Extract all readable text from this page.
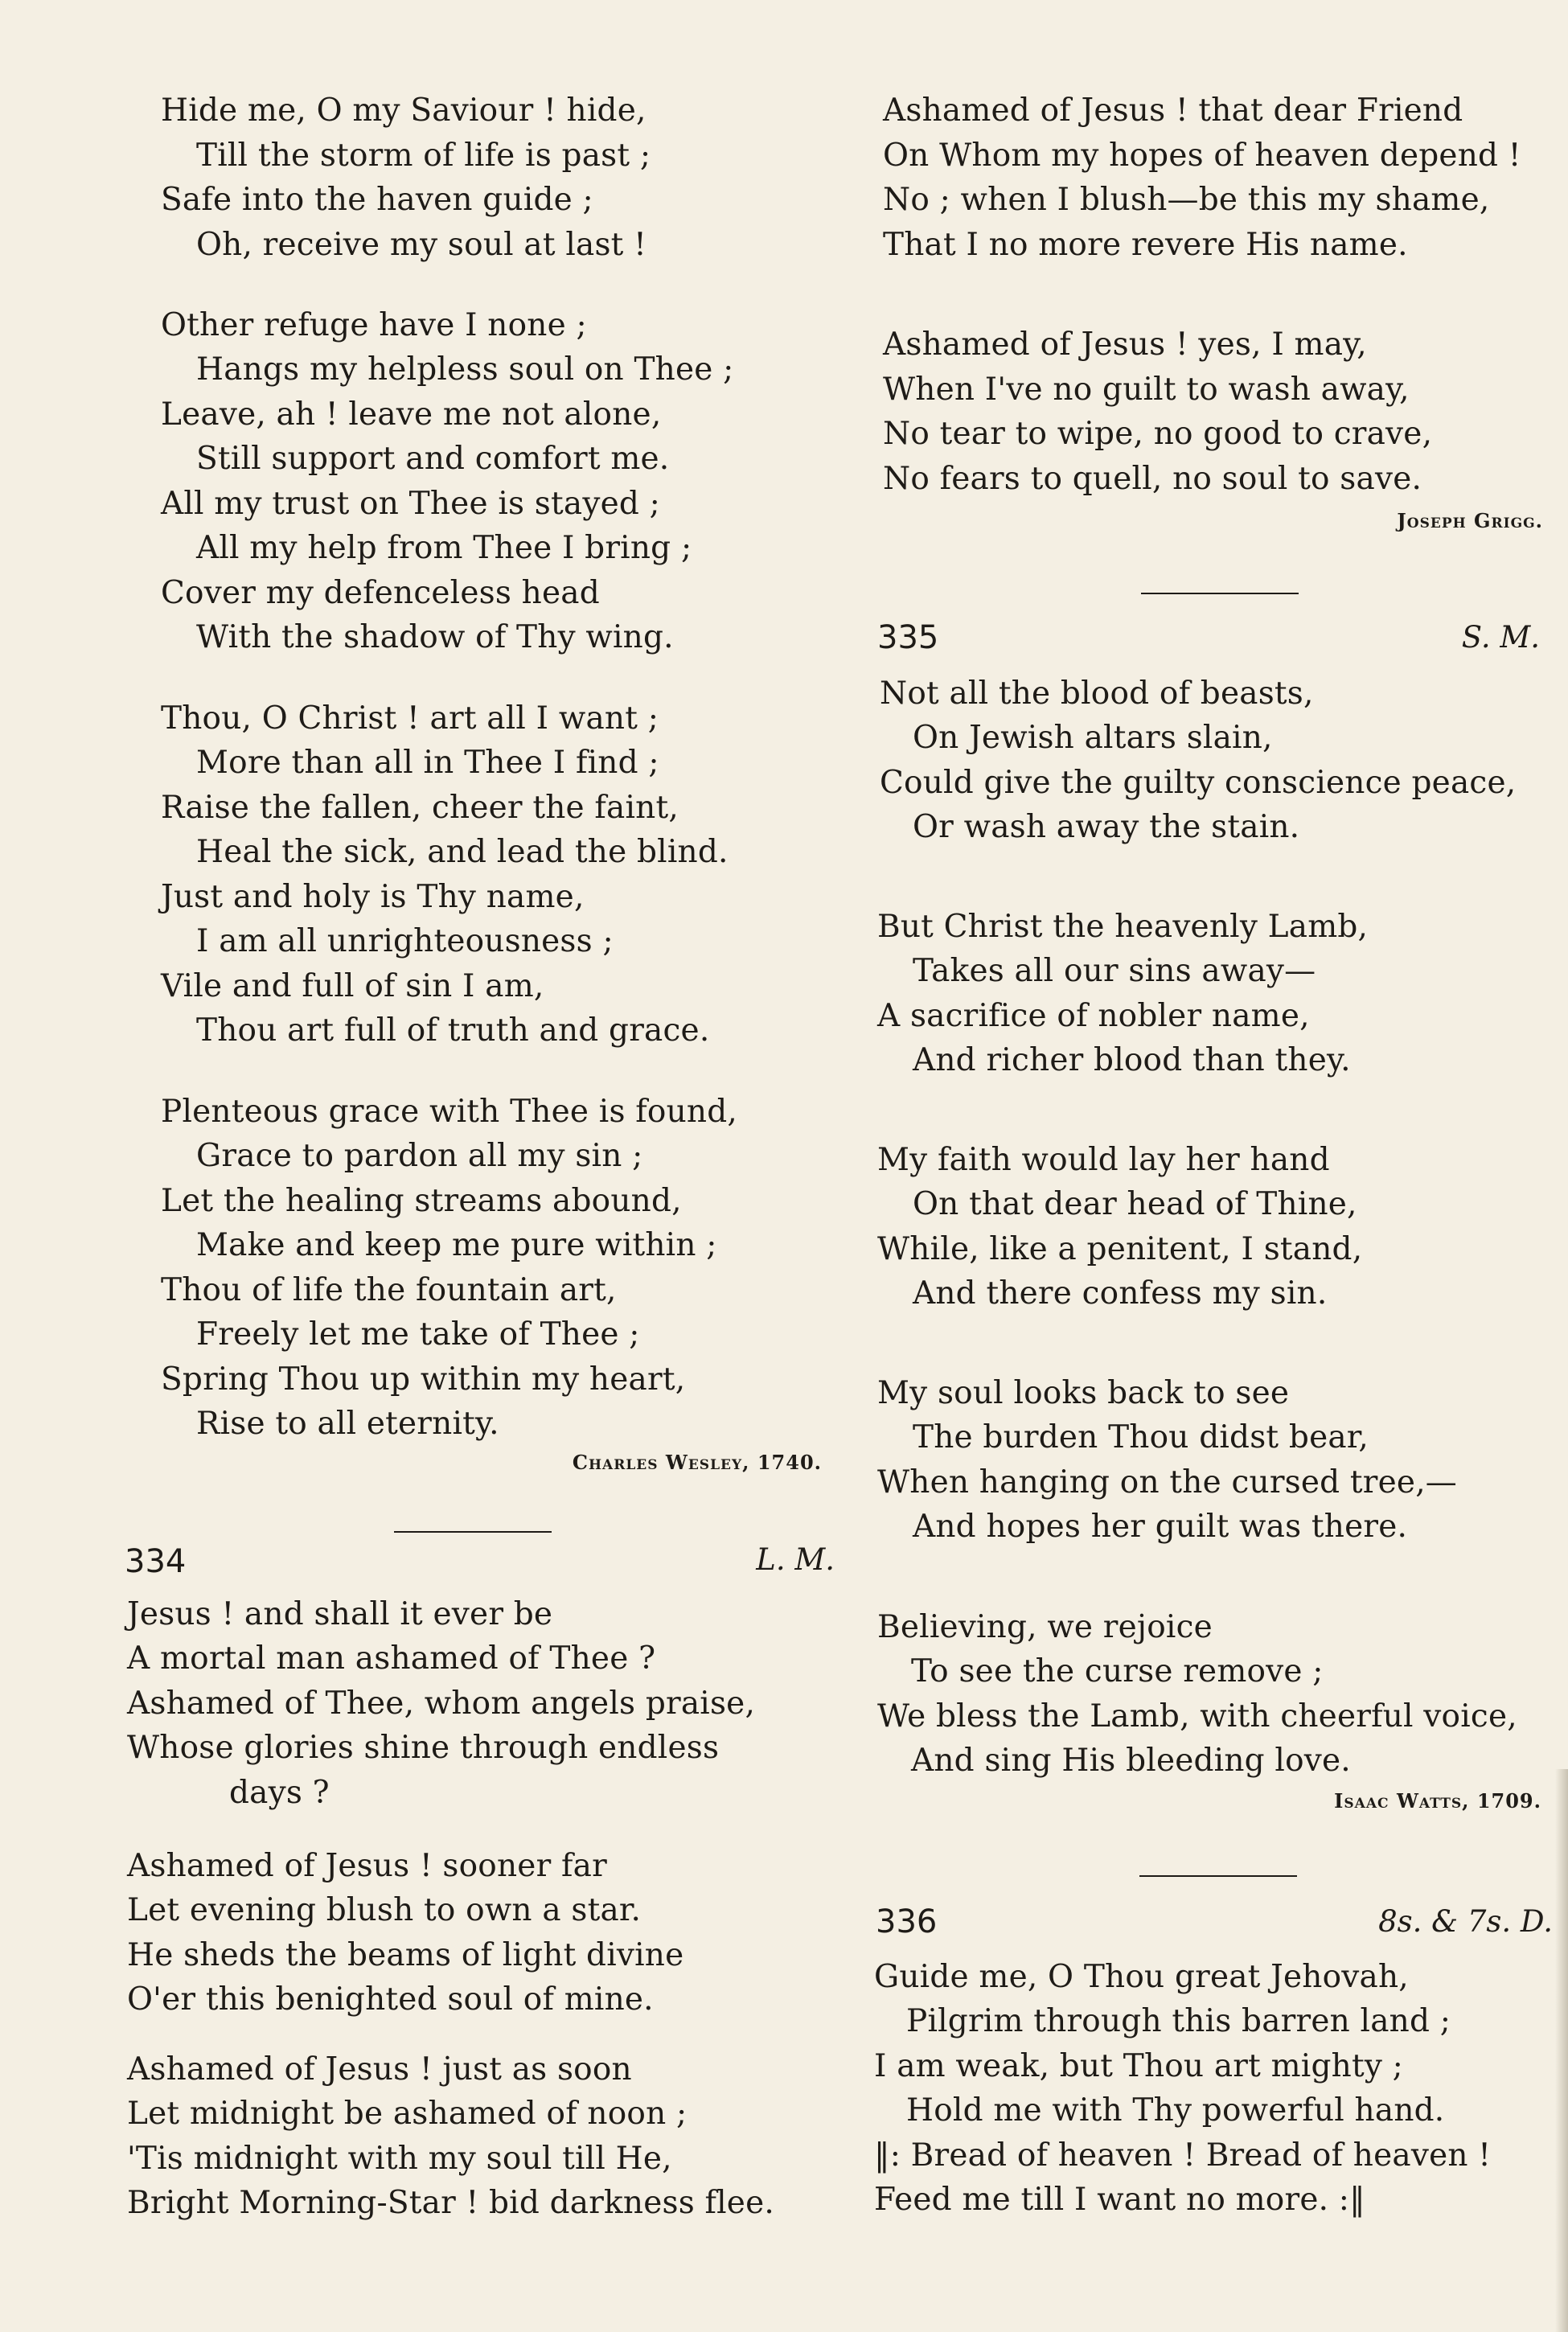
Hide me, O my Saviour ! hide,
Till the storm of life is past ;
Safe into the haven guide ;
Oh, receive my soul at last !
Other refuge have I none ;
Hangs my helpless soul on Thee ;
Leave, ah ! leave me not alone,
Still support and comfort me.
All my trust on Thee is stayed ;
All my help from Thee I bring ;
Cover my defenceless head
With the shadow of Thy wing.
Thou, O Christ ! art all I want ;
More than all in Thee I find ;
Raise the fallen, cheer the faint,
Heal the sick, and lead the blind.
Just and holy is Thy name,
I am all unrighteousness ;
Vile and full of sin I am,
Thou art full of truth and grace.
Plenteous grace with Thee is found,
Grace to pardon all my sin ;
Let the healing streams abound,
Make and keep me pure within ;
Thou of life the fountain art,
Freely let me take of Thee ;
Spring Thou up within my heart,
Rise to all eternity.
Charles Wesley, 1740.
334	L. M.
Jesus ! and shall it ever be
A mortal man ashamed of Thee ?
Ashamed of Thee, whom angels praise,
Whose glories shine through endless
days ?
Ashamed of Jesus ! sooner far
Let evening blush to own a star.
He sheds the beams of light divine
O'er this benighted soul of mine.
Ashamed of Jesus ! just as soon
Let midnight be ashamed of noon ;
'Tis midnight with my soul till He,
Bright Morning-Star ! bid darkness flee.
Ashamed of Jesus ! that dear Friend
On Whom my hopes of heaven depend !
No ; when I blush—be this my shame,
That I no more revere His name.
Ashamed of Jesus ! yes, I may,
When I've no guilt to wash away,
No tear to wipe, no good to crave,
No fears to quell, no soul to save.
Joseph Grigg.
335	S. M.
Not all the blood of beasts,
On Jewish altars slain,
Could give the guilty conscience peace,
Or wash away the stain.
But Christ the heavenly Lamb,
Takes all our sins away—
A sacrifice of nobler name,
And richer blood than they.
My faith would lay her hand
On that dear head of Thine,
While, like a penitent, I stand,
And there confess my sin.
My soul looks back to see
The burden Thou didst bear,
When hanging on the cursed tree,—
And hopes her guilt was there.
Believing, we rejoice
To see the curse remove ;
We bless the Lamb, with cheerful voice,
And sing His bleeding love.
Isaac Watts, 1709.
336	8s. & 7s. D.
Guide me, O Thou great Jehovah,
Pilgrim through this barren land ;
I am weak, but Thou art mighty ;
Hold me with Thy powerful hand.
‖: Bread of heaven ! Bread of heaven !
Feed me till I want no more. :‖
